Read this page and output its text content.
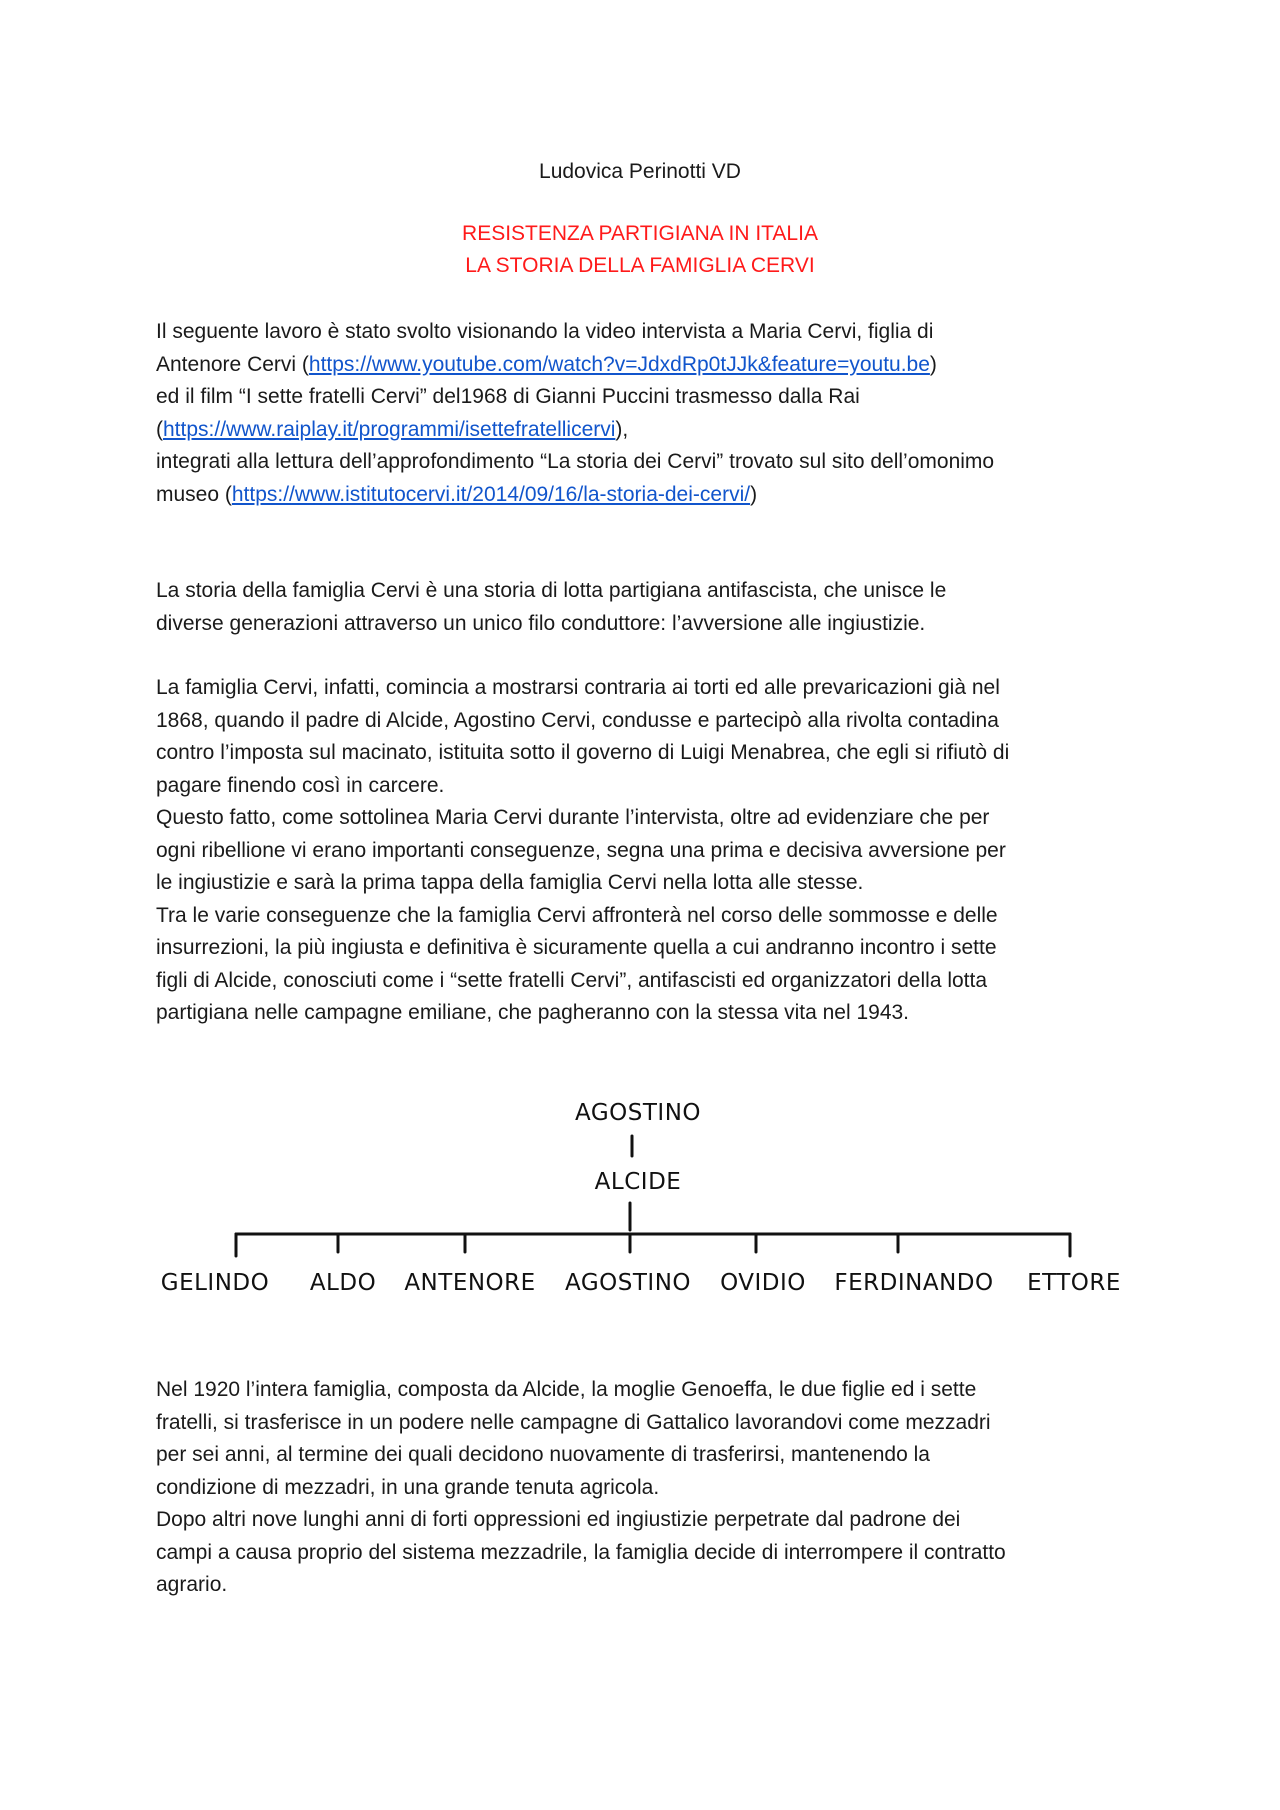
Ludovica Perinotti VD
RESISTENZA PARTIGIANA IN ITALIA
LA STORIA DELLA FAMIGLIA CERVI
Il seguente lavoro è stato svolto visionando la video intervista a Maria Cervi, figlia di
Antenore Cervi (https://www.youtube.com/watch?v=JdxdRp0tJJk&feature=youtu.be)
ed il film “I sette fratelli Cervi” del1968 di Gianni Puccini trasmesso dalla Rai
(https://www.raiplay.it/programmi/isettefratellicervi),
integrati alla lettura dell’approfondimento “La storia dei Cervi” trovato sul sito dell’omonimo
museo (https://www.istitutocervi.it/2014/09/16/la-storia-dei-cervi/)
La storia della famiglia Cervi è una storia di lotta partigiana antifascista, che unisce le
diverse generazioni attraverso un unico filo conduttore: l’avversione alle ingiustizie.
La famiglia Cervi, infatti, comincia a mostrarsi contraria ai torti ed alle prevaricazioni già nel
1868, quando il padre di Alcide, Agostino Cervi, condusse e partecipò alla rivolta contadina
contro l’imposta sul macinato, istituita sotto il governo di Luigi Menabrea, che egli si rifiutò di
pagare finendo così in carcere.
Questo fatto, come sottolinea Maria Cervi durante l’intervista, oltre ad evidenziare che per
ogni ribellione vi erano importanti conseguenze, segna una prima e decisiva avversione per
le ingiustizie e sarà la prima tappa della famiglia Cervi nella lotta alle stesse.
Tra le varie conseguenze che la famiglia Cervi affronterà nel corso delle sommosse e delle
insurrezioni, la più ingiusta e definitiva è sicuramente quella a cui andranno incontro i sette
figli di Alcide, conosciuti come i “sette fratelli Cervi”, antifascisti ed organizzatori della lotta
partigiana nelle campagne emiliane, che pagheranno con la stessa vita nel 1943.
AGOSTINO
ALCIDE
GELINDO ALDO ANTENORE AGOSTINO OVIDIO FERDINANDO ETTORE
Nel 1920 l’intera famiglia, composta da Alcide, la moglie Genoeffa, le due figlie ed i sette
fratelli, si trasferisce in un podere nelle campagne di Gattalico lavorandovi come mezzadri
per sei anni, al termine dei quali decidono nuovamente di trasferirsi, mantenendo la
condizione di mezzadri, in una grande tenuta agricola.
Dopo altri nove lunghi anni di forti oppressioni ed ingiustizie perpetrate dal padrone dei
campi a causa proprio del sistema mezzadrile, la famiglia decide di interrompere il contratto
agrario.
